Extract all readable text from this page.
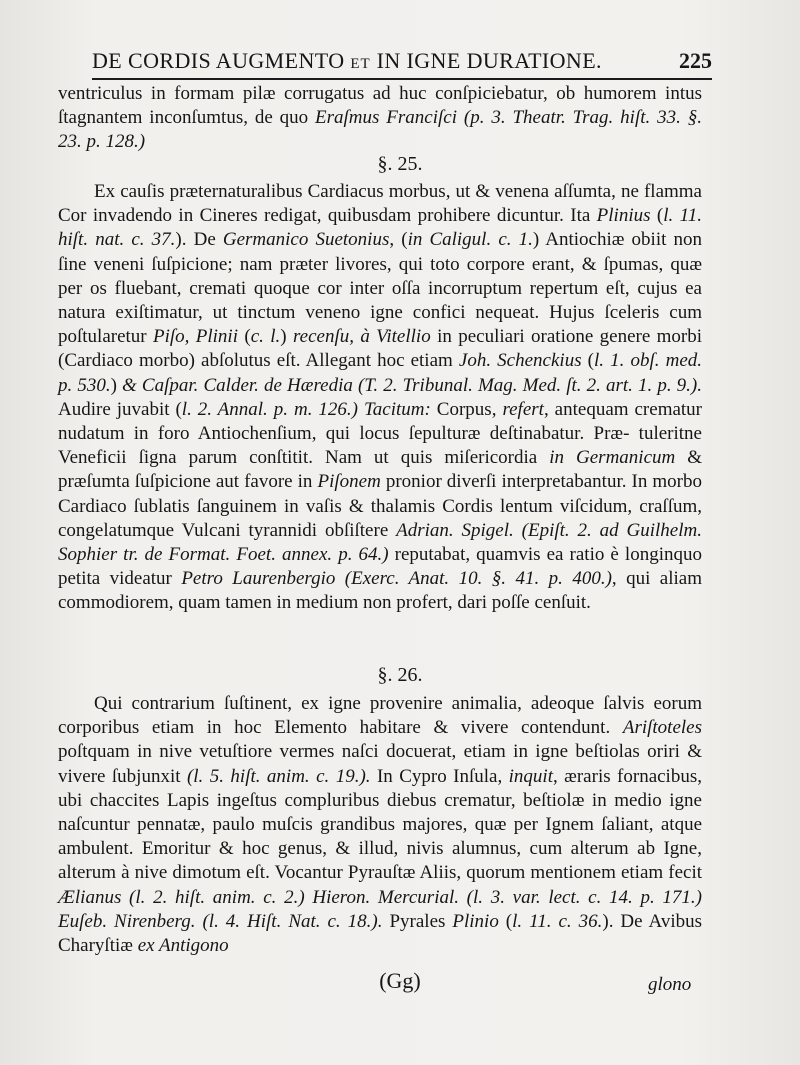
DE CORDIS AUGMENTO ET IN IGNE DURATIONE.	225

ventriculus in formam pilæ corrugatus ad huc conſpiciebatur, ob humorem intus ſtagnantem inconſumtus, de quo Eraſmus Franciſci (p. 3. Theatr. Trag. hiſt. 33. §. 23. p. 128.)

§. 25.

Ex cauſis præternaturalibus Cardiacus morbus, ut & venena aſſumta, ne flamma Cor invadendo in Cineres redigat, quibusdam prohibere dicuntur. Ita Plinius (l. 11. hiſt. nat. c. 37.). De Germanico Suetonius, (in Caligul. c. 1.) Antiochiæ obiit non ſine veneni ſuſpicione; nam præter livores, qui toto corpore erant, & ſpumas, quæ per os fluebant, cremati quoque cor inter oſſa incorruptum repertum eſt, cujus ea natura exiſtimatur, ut tinctum veneno igne confici nequeat. Hujus ſceleris cum poſtularetur Piſo, Plinii (c. l.) recenſu, à Vitellio in peculiari oratione genere morbi (Cardiaco morbo) abſolutus eſt. Allegant hoc etiam Joh. Schenckius (l. 1. obſ. med. p. 530.) & Caſpar. Calder. de Hæredia (T. 2. Tribunal. Mag. Med. ſt. 2. art. 1. p. 9.). Audire juvabit (l. 2. Annal. p. m. 126.) Tacitum: Corpus, refert, antequam crematur nudatum in foro Antiochenſium, qui locus ſepulturæ deſtinabatur. Præ- tuleritne Veneficii ſigna parum conſtitit. Nam ut quis miſericordia in Germanicum & præſumta ſuſpicione aut favore in Piſonem pronior diverſi interpretabantur. In morbo Cardiaco ſublatis ſanguinem in vaſis & thalamis Cordis lentum viſcidum, craſſum, congelatumque Vulcani tyrannidi obſiſtere Adrian. Spigel. (Epiſt. 2. ad Guilhelm. Sophier tr. de Format. Foet. annex. p. 64.) reputabat, quamvis ea ratio è longinquo petita videatur Petro Laurenbergio (Exerc. Anat. 10. §. 41. p. 400.), qui aliam commodiorem, quam tamen in medium non profert, dari poſſe cenſuit.

§. 26.

Qui contrarium ſuſtinent, ex igne provenire animalia, adeoque ſalvis eorum corporibus etiam in hoc Elemento habitare & vivere contendunt. Ariſtoteles poſtquam in nive vetuſtiore vermes naſci docuerat, etiam in igne beſtiolas oriri & vivere ſubjunxit (l. 5. hiſt. anim. c. 19.). In Cypro Inſula, inquit, æraris fornacibus, ubi chaccites Lapis ingeſtus compluribus diebus crematur, beſtiolæ in medio igne naſcuntur pennatæ, paulo muſcis grandibus majores, quæ per Ignem ſaliant, atque ambulent. Emoritur & hoc genus, & illud, nivis alumnus, cum alterum ab Igne, alterum à nive dimotum eſt. Vocantur Pyrauſtæ Aliis, quorum mentionem etiam fecit Ælianus (l. 2. hiſt. anim. c. 2.) Hieron. Mercurial. (l. 3. var. lect. c. 14. p. 171.) Euſeb. Nirenberg. (l. 4. Hiſt. Nat. c. 18.). Pyrales Plinio (l. 11. c. 36.). De Avibus Charyſtiæ ex Antigono

(Gg)	glono
